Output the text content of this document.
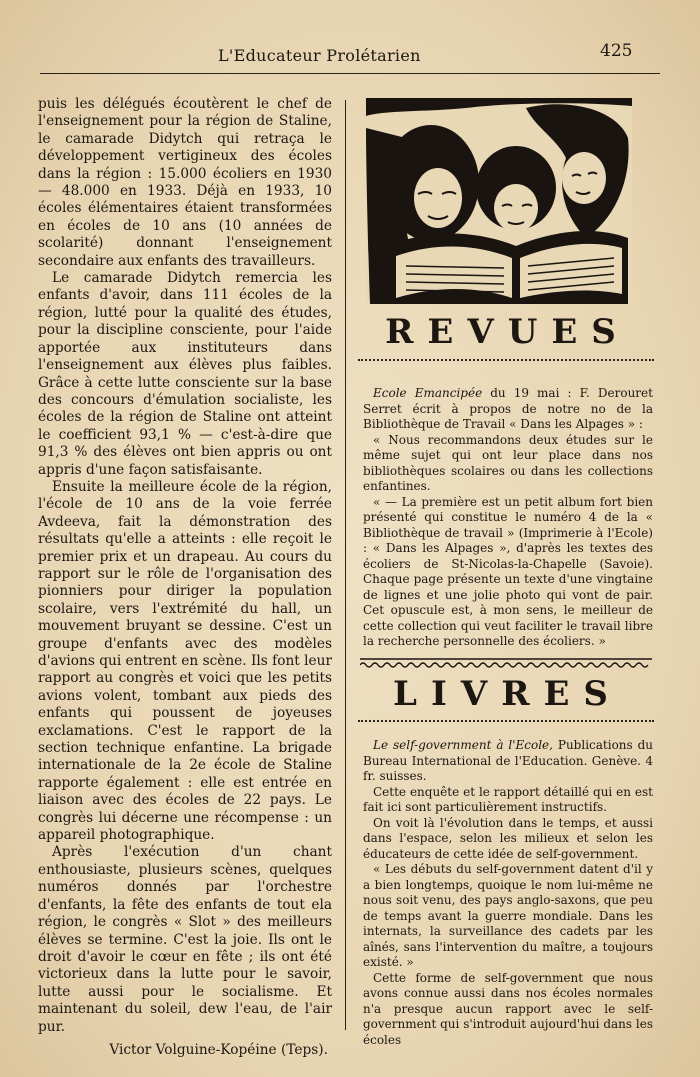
L'Educateur Prolétarien	425

puis les délégués écoutèrent le chef de l'enseignement pour la région de Staline, le camarade Didytch qui retraça le développement vertigineux des écoles dans la région : 15.000 écoliers en 1930 — 48.000 en 1933. Déjà en 1933, 10 écoles élémentaires étaient transformées en écoles de 10 ans (10 années de scolarité) donnant l'enseignement secondaire aux enfants des travailleurs.

Le camarade Didytch remercia les enfants d'avoir, dans 111 écoles de la région, lutté pour la qualité des études, pour la discipline consciente, pour l'aide apportée aux instituteurs dans l'enseignement aux élèves plus faibles. Grâce à cette lutte consciente sur la base des concours d'émulation socialiste, les écoles de la région de Staline ont atteint le coefficient 93,1 % — c'est-à-dire que 91,3 % des élèves ont bien appris ou ont appris d'une façon satisfaisante.

Ensuite la meilleure école de la région, l'école de 10 ans de la voie ferrée Avdeeva, fait la démonstration des résultats qu'elle a atteints : elle reçoit le premier prix et un drapeau. Au cours du rapport sur le rôle de l'organisation des pionniers pour diriger la population scolaire, vers l'extrémité du hall, un mouvement bruyant se dessine. C'est un groupe d'enfants avec des modèles d'avions qui entrent en scène. Ils font leur rapport au congrès et voici que les petits avions volent, tombant aux pieds des enfants qui poussent de joyeuses exclamations. C'est le rapport de la section technique enfantine. La brigade internationale de la 2e école de Staline rapporte également : elle est entrée en liaison avec des écoles de 22 pays. Le congrès lui décerne une récompense : un appareil photographique.

Après l'exécution d'un chant enthousiaste, plusieurs scènes, quelques numéros donnés par l'orchestre d'enfants, la fête des enfants de tout ela région, le congrès « Slot » des meilleurs élèves se termine. C'est la joie. Ils ont le droit d'avoir le cœur en fête ; ils ont été victorieux dans la lutte pour le savoir, lutte aussi pour le socialisme. Et maintenant du soleil, dew l'eau, de l'air pur.

Victor Volguine-Kopéine (Teps).

REVUES

Ecole Emancipée du 19 mai : F. Derouret Serret écrit à propos de notre no de la Bibliothèque de Travail « Dans les Alpages » :

« Nous recommandons deux études sur le même sujet qui ont leur place dans nos bibliothèques scolaires ou dans les collections enfantines.

« — La première est un petit album fort bien présenté qui constitue le numéro 4 de la « Bibliothèque de travail » (Imprimerie à l'Ecole) : « Dans les Alpages », d'après les textes des écoliers de St-Nicolas-la-Chapelle (Savoie). Chaque page présente un texte d'une vingtaine de lignes et une jolie photo qui vont de pair. Cet opuscule est, à mon sens, le meilleur de cette collection qui veut faciliter le travail libre la recherche personnelle des écoliers. »

LIVRES

Le self-government à l'Ecole, Publications du Bureau International de l'Education. Genève. 4 fr. suisses.

Cette enquête et le rapport détaillé qui en est fait ici sont particulièrement instructifs.

On voit là l'évolution dans le temps, et aussi dans l'espace, selon les milieux et selon les éducateurs de cette idée de self-government.

« Les débuts du self-government datent d'il y a bien longtemps, quoique le nom lui-même ne nous soit venu, des pays anglo-saxons, que peu de temps avant la guerre mondiale. Dans les internats, la surveillance des cadets par les aînés, sans l'intervention du maître, a toujours existé. »

Cette forme de self-government que nous avons connue aussi dans nos écoles normales n'a presque aucun rapport avec le self-government qui s'introduit aujourd'hui dans les écoles
